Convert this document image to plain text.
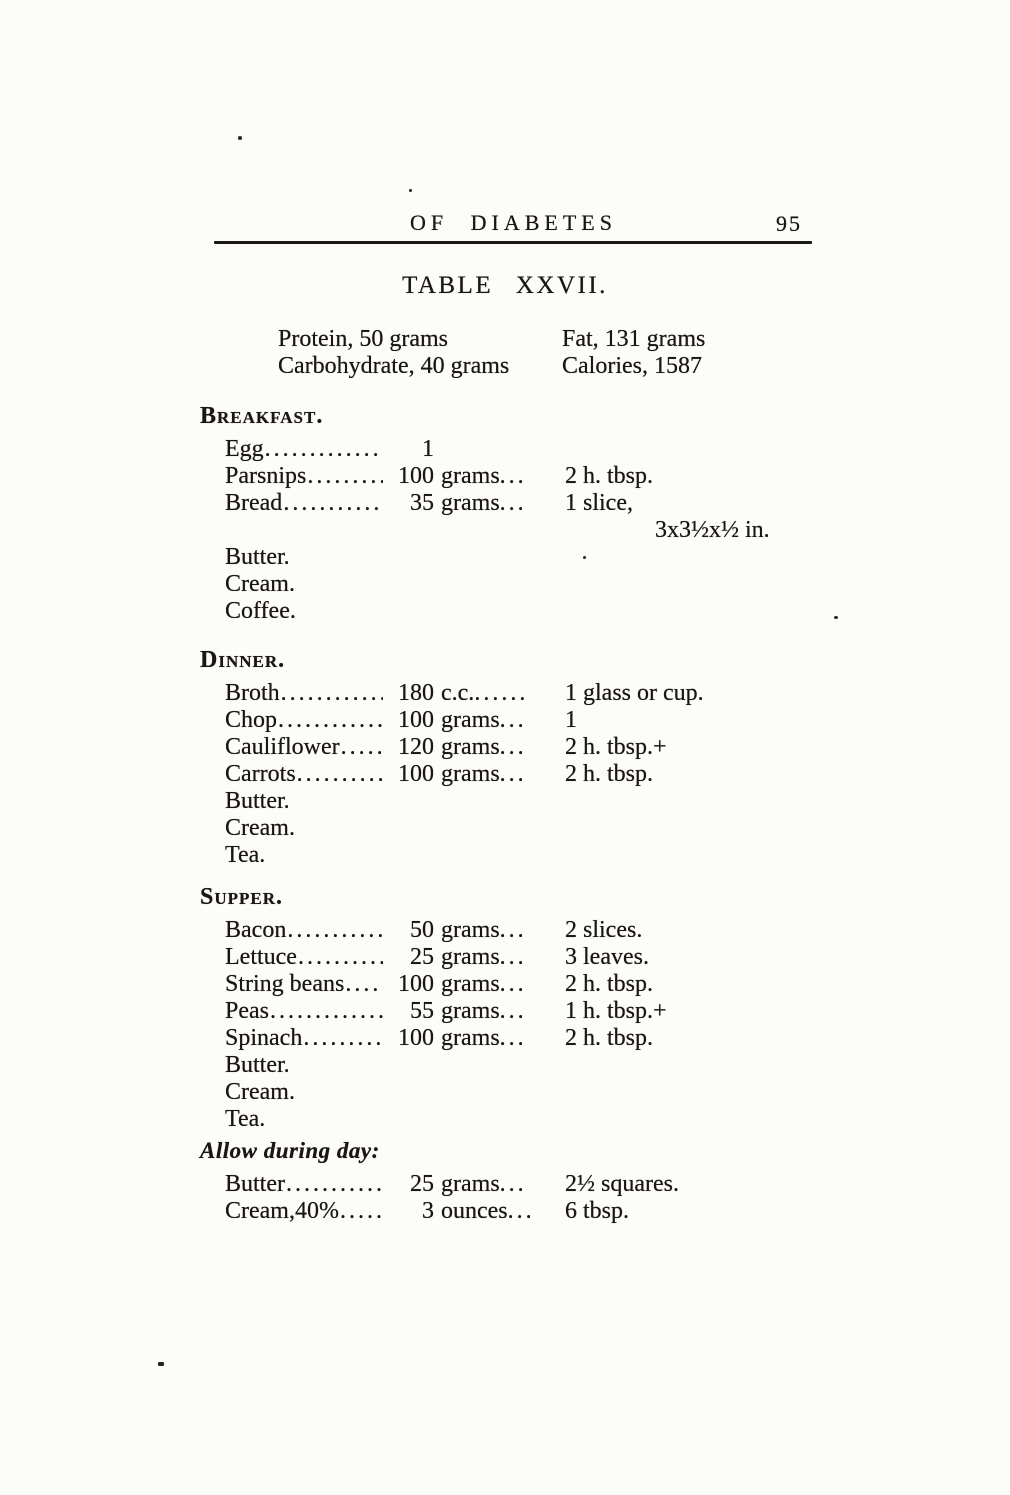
OF DIABETES	95
TABLE XXVII.
Protein, 50 grams	Fat, 131 grams
Carbohydrate, 40 grams	Calories, 1587
Breakfast.
Egg .....	1
Parsnips .....	100 grams...	2 h. tbsp.
Bread .....	35 grams...	1 slice,
3x3½x½ in.
Butter.
Cream.
Coffee.
Dinner.
Broth .....	180 c.c.......	1 glass or cup.
Chop .....	100 grams...	1
Cauliflower .....	120 grams...	2 h. tbsp.+
Carrots .....	100 grams...	2 h. tbsp.
Butter.
Cream.
Tea.
Supper.
Bacon .....	50 grams...	2 slices.
Lettuce .....	25 grams...	3 leaves.
String beans .....	100 grams...	2 h. tbsp.
Peas .....	55 grams...	1 h. tbsp.+
Spinach .....	100 grams...	2 h. tbsp.
Butter.
Cream.
Tea.
Allow during day:
Butter .....	25 grams...	2½ squares.
Cream,40% .....	3 ounces...	6 tbsp.
